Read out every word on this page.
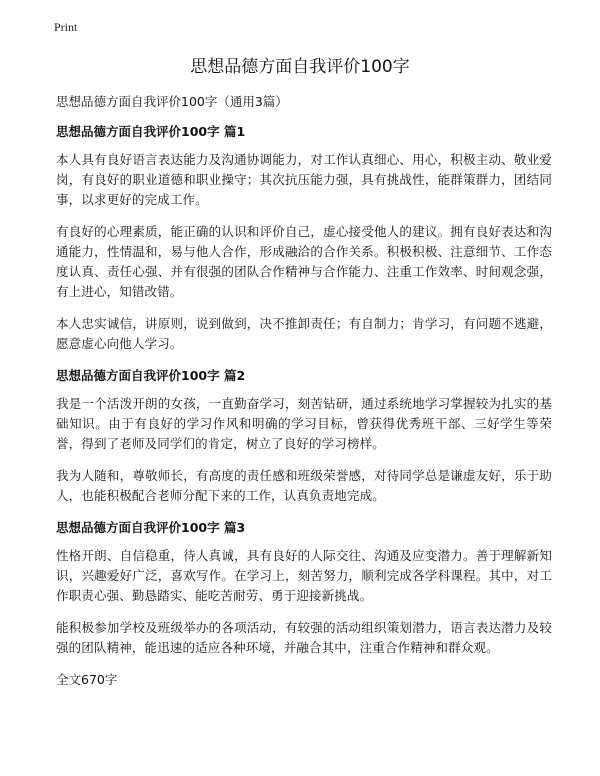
Print
思想品德方面自我评价100字

思想品德方面自我评价100字（通用3篇）

思想品德方面自我评价100字 篇1

本人具有良好语言表达能力及沟通协调能力，对工作认真细心、用心，积极主动、敬业爱岗，有良好的职业道德和职业操守；其次抗压能力强，具有挑战性，能群策群力，团结同事，以求更好的完成工作。

有良好的心理素质，能正确的认识和评价自己，虚心接受他人的建议。拥有良好表达和沟通能力，性情温和，易与他人合作，形成融洽的合作关系。积极积极、注意细节、工作态度认真、责任心强、并有很强的团队合作精神与合作能力、注重工作效率、时间观念强，有上进心，知错改错。

本人忠实诚信，讲原则，说到做到，决不推卸责任；有自制力；肯学习，有问题不逃避，愿意虚心向他人学习。

思想品德方面自我评价100字 篇2

我是一个活泼开朗的女孩，一直勤奋学习，刻苦钻研，通过系统地学习掌握较为扎实的基础知识。由于有良好的学习作风和明确的学习目标，曾获得优秀班干部、三好学生等荣誉，得到了老师及同学们的肯定，树立了良好的学习榜样。

我为人随和，尊敬师长，有高度的责任感和班级荣誉感，对待同学总是谦虚友好，乐于助人，也能积极配合老师分配下来的工作，认真负责地完成。

思想品德方面自我评价100字 篇3

性格开朗、自信稳重，待人真诚，具有良好的人际交往、沟通及应变潜力。善于理解新知识，兴趣爱好广泛，喜欢写作。在学习上，刻苦努力，顺利完成各学科课程。其中，对工作职责心强、勤恳踏实、能吃苦耐劳、勇于迎接新挑战。

能积极参加学校及班级举办的各项活动，有较强的活动组织策划潜力，语言表达潜力及较强的团队精神，能迅速的适应各种环境，并融合其中，注重合作精神和群众观。

全文670字
